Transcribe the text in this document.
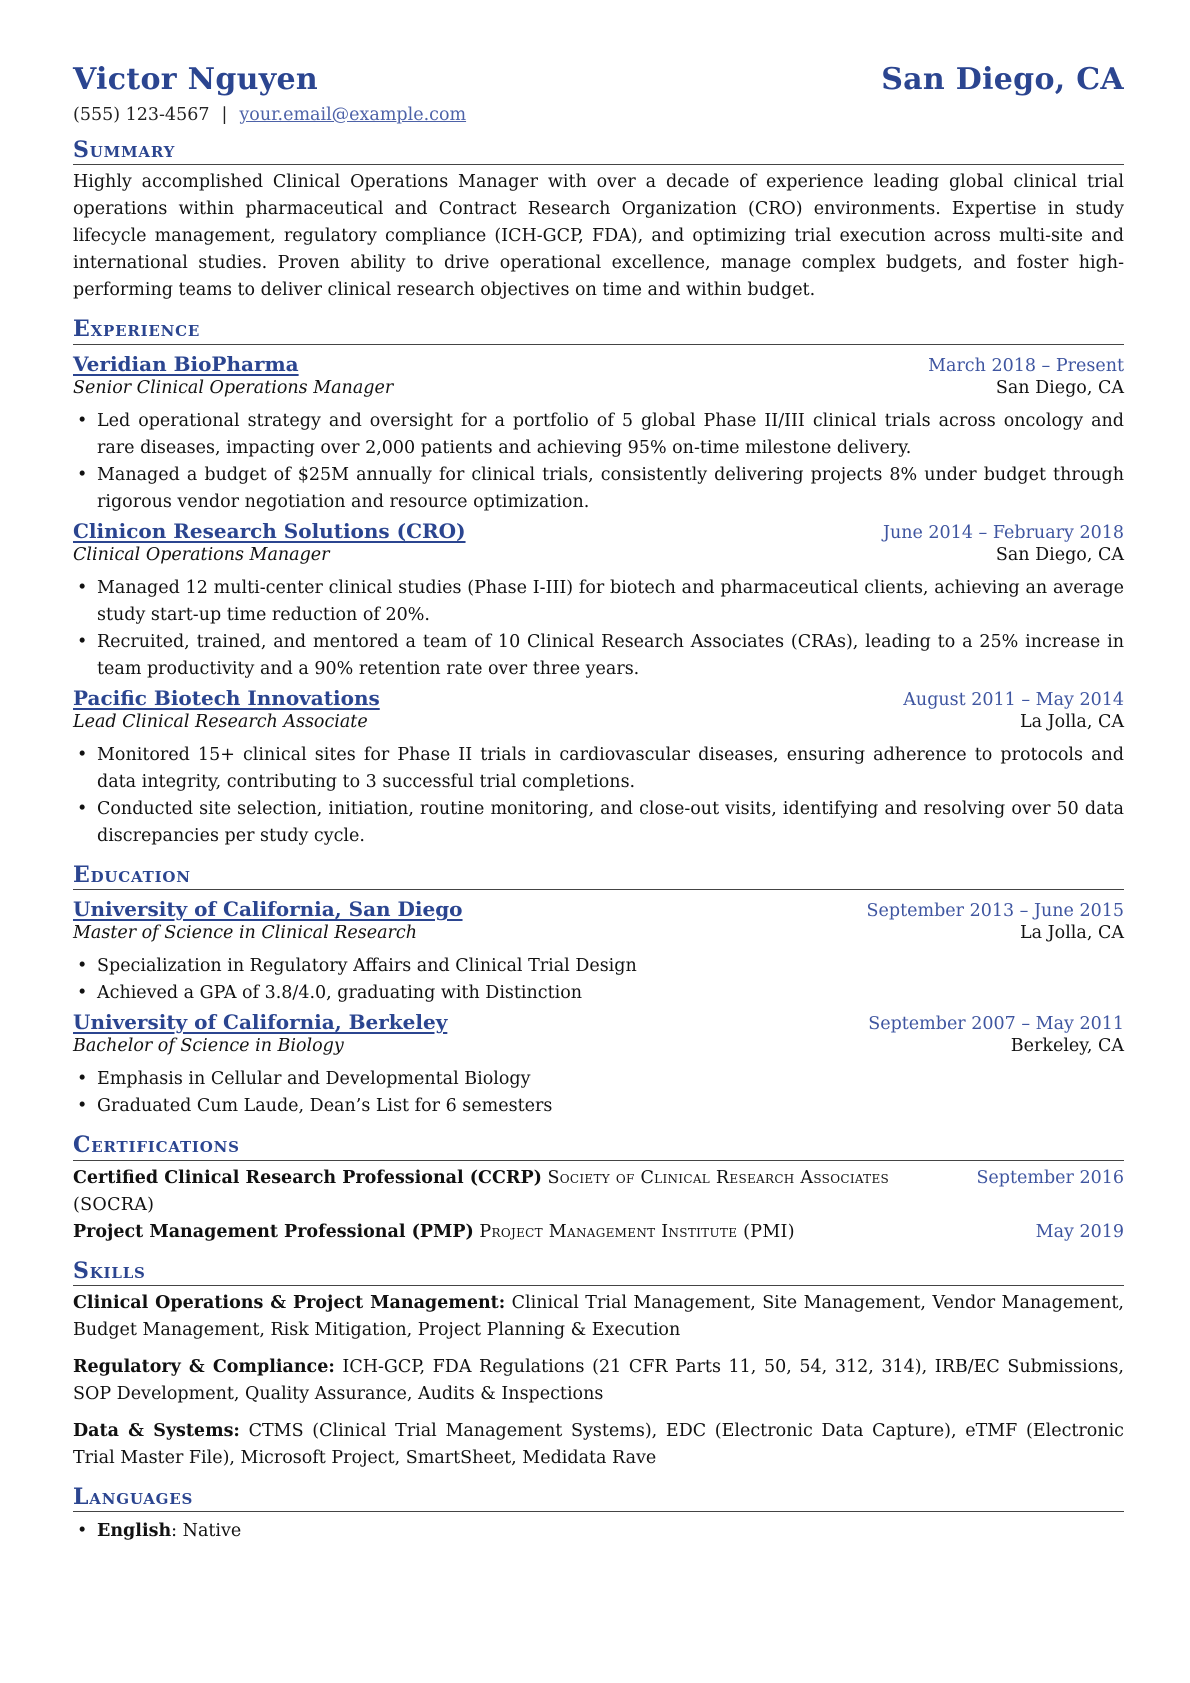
Victor Nguyen	San Diego, CA
(555) 123-4567 | your.email@example.com
Summary
Highly accomplished Clinical Operations Manager with over a decade of experience leading global clinical trial operations within pharmaceutical and Contract Research Organization (CRO) environments. Expertise in study lifecycle management, regulatory compliance (ICH-GCP, FDA), and optimizing trial execution across multi-site and international studies. Proven ability to drive operational excellence, manage complex budgets, and foster high-performing teams to deliver clinical research objectives on time and within budget.
Experience
Veridian BioPharma	March 2018 – Present
Senior Clinical Operations Manager	San Diego, CA
• Led operational strategy and oversight for a portfolio of 5 global Phase II/III clinical trials across oncology and rare diseases, impacting over 2,000 patients and achieving 95% on-time milestone delivery.
• Managed a budget of $25M annually for clinical trials, consistently delivering projects 8% under budget through rigorous vendor negotiation and resource optimization.
Clinicon Research Solutions (CRO)	June 2014 – February 2018
Clinical Operations Manager	San Diego, CA
• Managed 12 multi-center clinical studies (Phase I-III) for biotech and pharmaceutical clients, achieving an average study start-up time reduction of 20%.
• Recruited, trained, and mentored a team of 10 Clinical Research Associates (CRAs), leading to a 25% increase in team productivity and a 90% retention rate over three years.
Pacific Biotech Innovations	August 2011 – May 2014
Lead Clinical Research Associate	La Jolla, CA
• Monitored 15+ clinical sites for Phase II trials in cardiovascular diseases, ensuring adherence to protocols and data integrity, contributing to 3 successful trial completions.
• Conducted site selection, initiation, routine monitoring, and close-out visits, identifying and resolving over 50 data discrepancies per study cycle.
Education
University of California, San Diego	September 2013 – June 2015
Master of Science in Clinical Research	La Jolla, CA
• Specialization in Regulatory Affairs and Clinical Trial Design
• Achieved a GPA of 3.8/4.0, graduating with Distinction
University of California, Berkeley	September 2007 – May 2011
Bachelor of Science in Biology	Berkeley, CA
• Emphasis in Cellular and Developmental Biology
• Graduated Cum Laude, Dean’s List for 6 semesters
Certifications
Certified Clinical Research Professional (CCRP) Society of Clinical Research Associates (SOCRA)
September 2016
Project Management Professional (PMP) Project Management Institute (PMI)	May 2019
Skills
Clinical Operations & Project Management: Clinical Trial Management, Site Management, Vendor Management, Budget Management, Risk Mitigation, Project Planning & Execution
Regulatory & Compliance: ICH-GCP, FDA Regulations (21 CFR Parts 11, 50, 54, 312, 314), IRB/EC Submissions, SOP Development, Quality Assurance, Audits & Inspections
Data & Systems: CTMS (Clinical Trial Management Systems), EDC (Electronic Data Capture), eTMF (Electronic Trial Master File), Microsoft Project, SmartSheet, Medidata Rave
Languages
• English: Native
